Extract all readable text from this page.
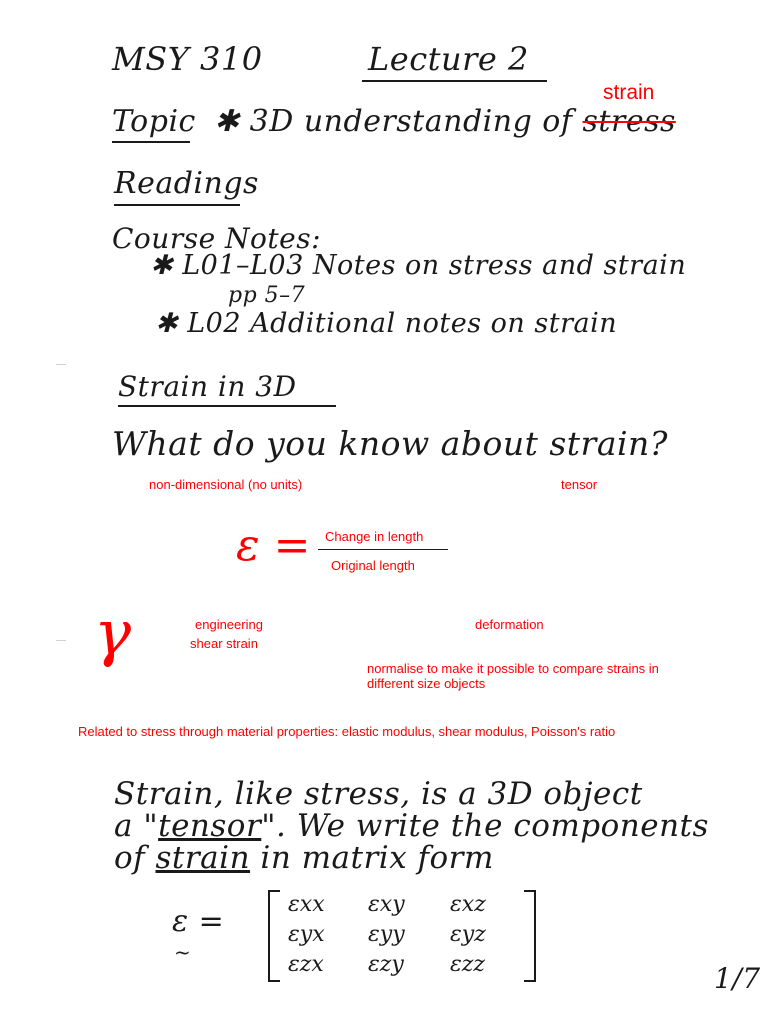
MSY 310	Lecture 2
strain
Topic ✱ 3D understanding of stress
Readings
Course Notes:
✱ L01–L03 Notes on stress and strain
pp 5–7
✱ L02 Additional notes on strain
Strain in 3D
What do you know about strain?
non-dimensional (no units)	tensor
ε = Change in length
Original length
γ	engineering
shear strain
deformation
normalise to make it possible to compare strains in different size objects
Related to stress through material properties: elastic modulus, shear modulus, Poisson's ratio
Strain, like stress, is a 3D object
a "tensor". We write the components
of strain in matrix form
ε =
~
εxx εxy εxz
εyx εyy εyz
εzx εzy εzz	1/7
